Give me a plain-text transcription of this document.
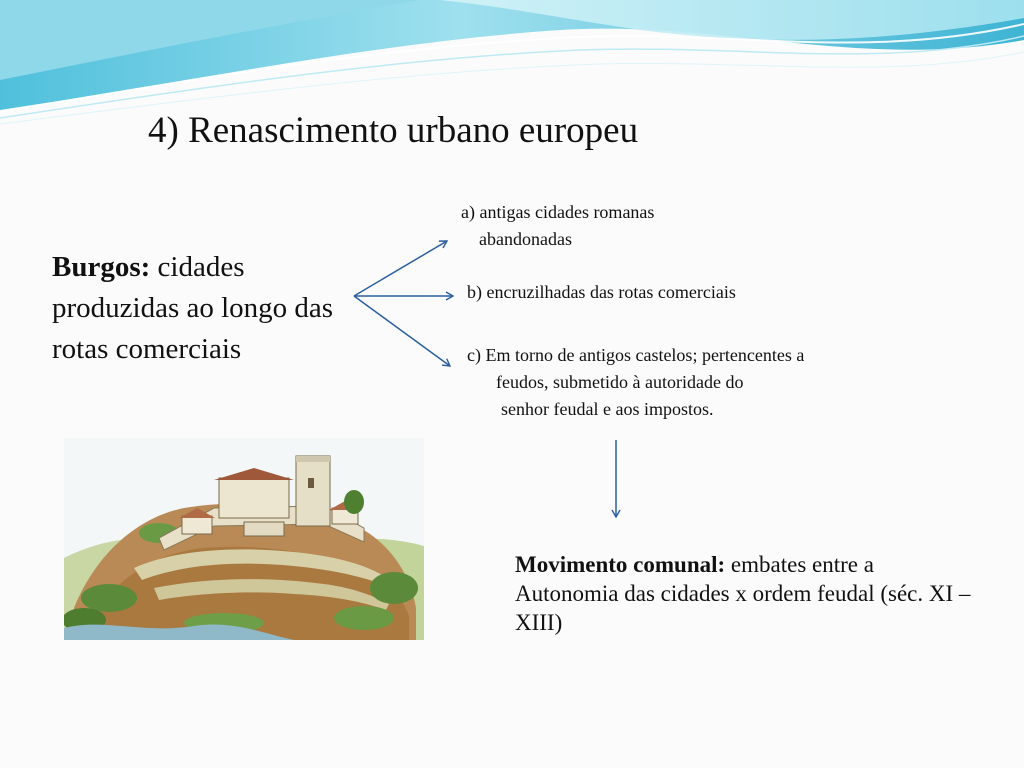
4) Renascimento urbano europeu
Burgos: cidades produzidas ao longo das rotas comerciais
a) antigas cidades romanas
abandonadas
b) encruzilhadas das rotas comerciais
c) Em torno de antigos castelos; pertencentes a
feudos, submetido à autoridade do
senhor feudal e aos impostos.
Movimento comunal: embates entre a Autonomia das cidades x ordem feudal (séc. XI – XIII)
